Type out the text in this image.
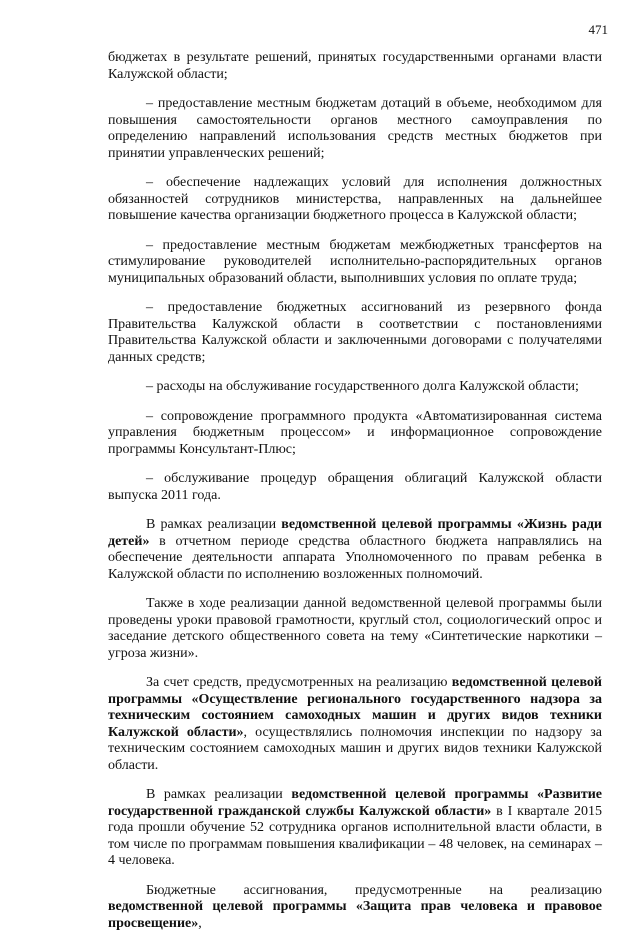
471

бюджетах в результате решений, принятых государственными органами власти Калужской области;

– предоставление местным бюджетам дотаций в объеме, необходимом для повышения самостоятельности органов местного самоуправления по определению направлений использования средств местных бюджетов при принятии управленческих решений;

– обеспечение надлежащих условий для исполнения должностных обязанностей сотрудников министерства, направленных на дальнейшее повышение качества организации бюджетного процесса в Калужской области;

– предоставление местным бюджетам межбюджетных трансфертов на стимулирование руководителей исполнительно-распорядительных органов муниципальных образований области, выполнивших условия по оплате труда;

– предоставление бюджетных ассигнований из резервного фонда Правительства Калужской области в соответствии с постановлениями Правительства Калужской области и заключенными договорами с получателями данных средств;

– расходы на обслуживание государственного долга Калужской области;

– сопровождение программного продукта «Автоматизированная система управления бюджетным процессом» и информационное сопровождение программы Консультант-Плюс;

– обслуживание процедур обращения облигаций Калужской области выпуска 2011 года.

В рамках реализации ведомственной целевой программы «Жизнь ради детей» в отчетном периоде средства областного бюджета направлялись на обеспечение деятельности аппарата Уполномоченного по правам ребенка в Калужской области по исполнению возложенных полномочий.

Также в ходе реализации данной ведомственной целевой программы были проведены уроки правовой грамотности, круглый стол, социологический опрос и заседание детского общественного совета на тему «Синтетические наркотики – угроза жизни».

За счет средств, предусмотренных на реализацию ведомственной целевой программы «Осуществление регионального государственного надзора за техническим состоянием самоходных машин и других видов техники Калужской области», осуществлялись полномочия инспекции по надзору за техническим состоянием самоходных машин и других видов техники Калужской области.

В рамках реализации ведомственной целевой программы «Развитие государственной гражданской службы Калужской области» в I квартале 2015 года прошли обучение 52 сотрудника органов исполнительной власти области, в том числе по программам повышения квалификации – 48 человек, на семинарах – 4 человека.

Бюджетные ассигнования, предусмотренные на реализацию ведомственной целевой программы «Защита прав человека и правовое просвещение»,
